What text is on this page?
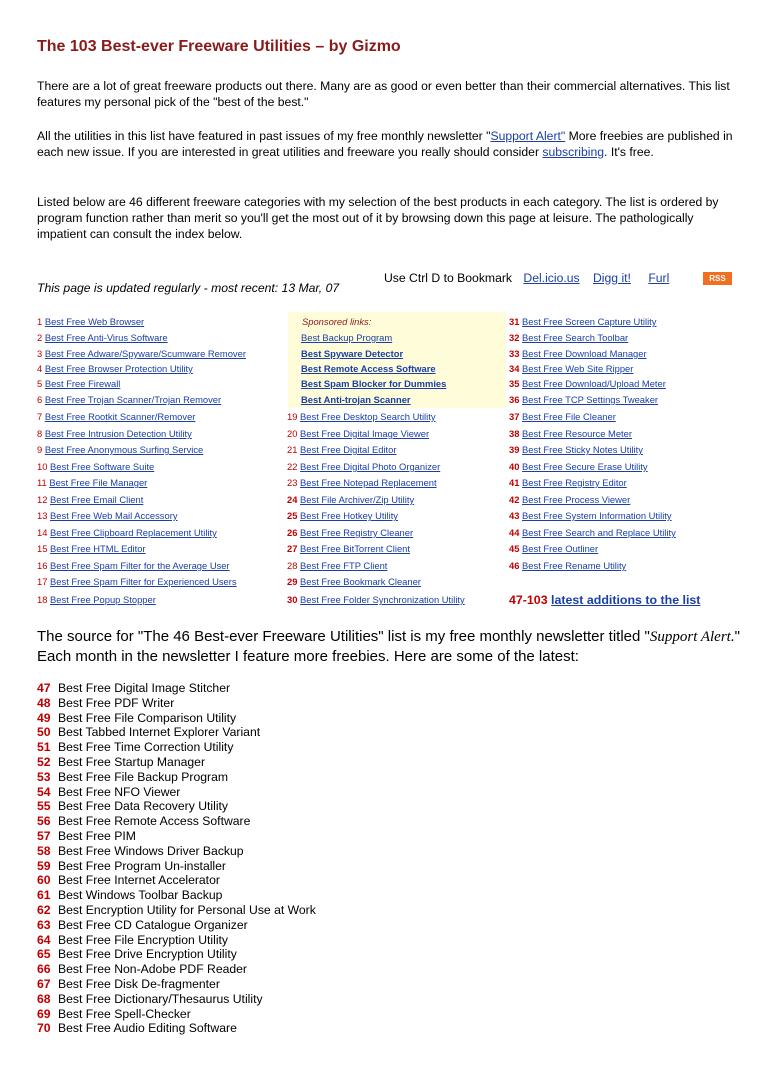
The 103 Best-ever Freeware Utilities – by Gizmo
There are a lot of great freeware products out there. Many are as good or even better than their commercial alternatives. This list features my personal pick of the "best of the best."
All the utilities in this list have featured in past issues of my free monthly newsletter "Support Alert" More freebies are published in each new issue. If you are interested in great utilities and freeware you really should consider subscribing. It's free.
Listed below are 46 different freeware categories with my selection of the best products in each category. The list is ordered by program function rather than merit so you'll get the most out of it by browsing down this page at leisure. The pathologically impatient can consult the index below.
This page is updated regularly - most recent: 13 Mar, 07
Use Ctrl D to Bookmark Del.icio.us Digg it! Furl	RSS
47-103 latest additions to the list
The source for "The 46 Best-ever Freeware Utilities" list is my free monthly newsletter titled "Support Alert." Each month in the newsletter I feature more freebies. Here are some of the latest:
47 Best Free Digital Image Stitcher
48 Best Free PDF Writer
49 Best Free File Comparison Utility
50 Best Tabbed Internet Explorer Variant
51 Best Free Time Correction Utility
52 Best Free Startup Manager
53 Best Free File Backup Program
54 Best Free NFO Viewer
55 Best Free Data Recovery Utility
56 Best Free Remote Access Software
57 Best Free PIM
58 Best Free Windows Driver Backup
59 Best Free Program Un-installer
60 Best Free Internet Accelerator
61 Best Windows Toolbar Backup
62 Best Encryption Utility for Personal Use at Work
63 Best Free CD Catalogue Organizer
64 Best Free File Encryption Utility
65 Best Free Drive Encryption Utility
66 Best Free Non-Adobe PDF Reader
67 Best Free Disk De-fragmenter
68 Best Free Dictionary/Thesaurus Utility
69 Best Free Spell-Checker
70 Best Free Audio Editing Software
1 Best Free Web Browser
2 Best Free Anti-Virus Software
3 Best Free Adware/Spyware/Scumware Remover
4 Best Free Browser Protection Utility
5 Best Free Firewall
6 Best Free Trojan Scanner/Trojan Remover
7 Best Free Rootkit Scanner/Remover
8 Best Free Intrusion Detection Utility
9 Best Free Anonymous Surfing Service
10 Best Free Software Suite
11 Best Free File Manager
12 Best Free Email Client
13 Best Free Web Mail Accessory
14 Best Free Clipboard Replacement Utility
15 Best Free HTML Editor
16 Best Free Spam Filter for the Average User
17 Best Free Spam Filter for Experienced Users
18 Best Free Popup Stopper
19 Best Free Desktop Search Utility
20 Best Free Digital Image Viewer
21 Best Free Digital Editor
22 Best Free Digital Photo Organizer
23 Best Free Notepad Replacement
24 Best File Archiver/Zip Utility
25 Best Free Hotkey Utility
26 Best Free Registry Cleaner
27 Best Free BitTorrent Client
28 Best Free FTP Client
29 Best Free Bookmark Cleaner
30 Best Free Folder Synchronization Utility
31 Best Free Screen Capture Utility
32 Best Free Search Toolbar
33 Best Free Download Manager
34 Best Free Web Site Ripper
35 Best Free Download/Upload Meter
36 Best Free TCP Settings Tweaker
37 Best Free File Cleaner
38 Best Free Resource Meter
39 Best Free Sticky Notes Utility
40 Best Free Secure Erase Utility
41 Best Free Registry Editor
42 Best Free Process Viewer
43 Best Free System Information Utility
44 Best Free Search and Replace Utility
45 Best Free Outliner
46 Best Free Rename Utility
Sponsored links:
Best Backup Program
Best Spyware Detector
Best Remote Access Software
Best Spam Blocker for Dummies
Best Anti-trojan Scanner
